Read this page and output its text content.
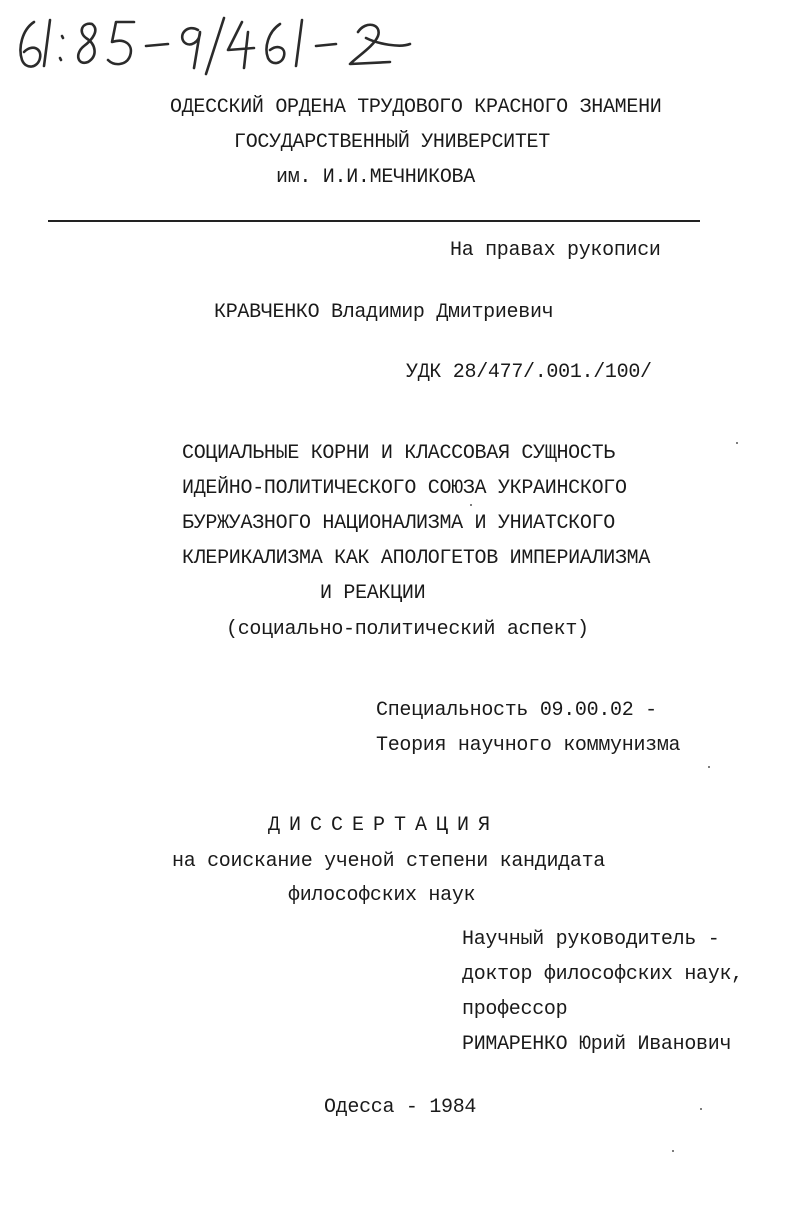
ОДЕССКИЙ ОРДЕНА ТРУДОВОГО КРАСНОГО ЗНАМЕНИ
ГОСУДАРСТВЕННЫЙ УНИВЕРСИТЕТ
им. И.И.МЕЧНИКОВА
На правах рукописи
КРАВЧЕНКО Владимир Дмитриевич
УДК 28/477/.001./100/
СОЦИАЛЬНЫЕ КОРНИ И КЛАССОВАЯ СУЩНОСТЬ
ИДЕЙНО-ПОЛИТИЧЕСКОГО СОЮЗА УКРАИНСКОГО
БУРЖУАЗНОГО НАЦИОНАЛИЗМА И УНИАТСКОГО
КЛЕРИКАЛИЗМА КАК АПОЛОГЕТОВ ИМПЕРИАЛИЗМА
И РЕАКЦИИ
(социально-политический аспект)
Специальность 09.00.02 -
Теория научного коммунизма
ДИССЕРТАЦИЯ
на соискание ученой степени кандидата
философских наук
Научный руководитель -
доктор философских наук,
профессор
РИМАРЕНКО Юрий Иванович
Одесса - 1984
